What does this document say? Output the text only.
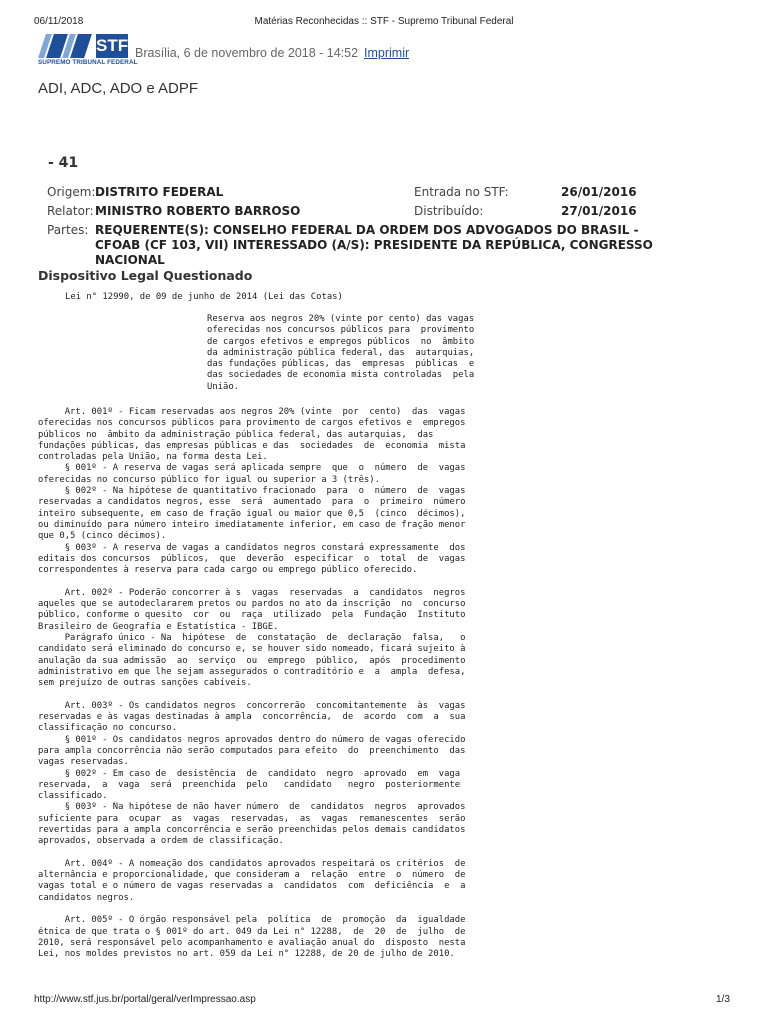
06/11/2018	Matérias Reconhecidas :: STF - Supremo Tribunal Federal
STF
SUPREMO TRIBUNAL FEDERAL
Brasília, 6 de novembro de 2018 - 14:52 Imprimir
ADI, ADC, ADO e ADPF
- 41
Origem: DISTRITO FEDERAL	Entrada no STF:	26/01/2016
Relator: MINISTRO ROBERTO BARROSO	Distribuído:	27/01/2016
Partes: REQUERENTE(S): CONSELHO FEDERAL DA ORDEM DOS ADVOGADOS DO BRASIL - CFOAB (CF 103, VII) INTERESSADO (A/S): PRESIDENTE DA REPÚBLICA, CONGRESSO NACIONAL
Dispositivo Legal Questionado
Lei n° 12990, de 09 de junho de 2014 (Lei das Cotas)
Reserva aos negros 20% (vinte por cento) das vagas
oferecidas nos concursos públicos para  provimento
de cargos efetivos e empregos públicos  no  âmbito
da administração pública federal, das  autarquias,
das fundações públicas, das  empresas  públicas  e
das sociedades de economia mista controladas  pela
União.
Art. 001º - Ficam reservadas aos negros 20% (vinte  por  cento)  das  vagas
oferecidas nos concursos públicos para provimento de cargos efetivos e  empregos
públicos no  âmbito da administração pública federal, das autarquias,  das
fundações públicas, das empresas públicas e das  sociedades  de  economia  mista
controladas pela União, na forma desta Lei.
§ 001º - A reserva de vagas será aplicada sempre  que  o  número  de  vagas
oferecidas no concurso público for igual ou superior a 3 (três).
§ 002º - Na hipótese de quantitativo fracionado  para  o  número  de  vagas
reservadas a candidatos negros, esse  será  aumentado  para  o  primeiro  número
inteiro subsequente, em caso de fração igual ou maior que 0,5  (cinco  décimos),
ou diminuído para número inteiro imediatamente inferior, em caso de fração menor
que 0,5 (cinco décimos).
§ 003º - A reserva de vagas a candidatos negros constará expressamente  dos
editais dos concursos  públicos,  que  deverão  especificar  o  total  de  vagas
correspondentes à reserva para cada cargo ou emprego público oferecido.

Art. 002º - Poderão concorrer à s  vagas  reservadas  a  candidatos  negros
aqueles que se autodeclararem pretos ou pardos no ato da inscrição  no  concurso
público, conforme o quesito  cor  ou  raça  utilizado  pela  Fundação  Instituto
Brasileiro de Geografia e Estatística - IBGE.
Parágrafo único - Na  hipótese  de  constatação  de  declaração  falsa,   o
candidato será eliminado do concurso e, se houver sido nomeado, ficará sujeito à
anulação da sua admissão  ao  serviço  ou  emprego  público,  após  procedimento
administrativo em que lhe sejam assegurados o contraditório e  a  ampla  defesa,
sem prejuízo de outras sanções cabíveis.

Art. 003º - Os candidatos negros  concorrerão  concomitantemente  às  vagas
reservadas e às vagas destinadas à ampla  concorrência,  de  acordo  com  a  sua
classificação no concurso.
§ 001º - Os candidatos negros aprovados dentro do número de vagas oferecido
para ampla concorrência não serão computados para efeito  do  preenchimento  das
vagas reservadas.
§ 002º - Em caso de  desistência  de  candidato  negro  aprovado  em  vaga
reservada,  a  vaga  será  preenchida  pelo   candidato   negro  posteriormente
classificado.
§ 003º - Na hipótese de não haver número  de  candidatos  negros  aprovados
suficiente para  ocupar  as  vagas  reservadas,  as  vagas  remanescentes  serão
revertidas para a ampla concorrência e serão preenchidas pelos demais candidatos
aprovados, observada a ordem de classificação.

Art. 004º - A nomeação dos candidatos aprovados respeitará os critérios  de
alternância e proporcionalidade, que consideram a  relação  entre  o  número  de
vagas total e o número de vagas reservadas a  candidatos  com  deficiência  e  a
candidatos negros.

Art. 005º - O órgão responsável pela  política  de  promoção  da  igualdade
étnica de que trata o § 001º do art. 049 da Lei n° 12288,  de  20  de  julho  de
2010, será responsável pelo acompanhamento e avaliação anual do  disposto  nesta
Lei, nos moldes previstos no art. 059 da Lei n° 12288, de 20 de julho de 2010.
http://www.stf.jus.br/portal/geral/verImpressao.asp	1/3
